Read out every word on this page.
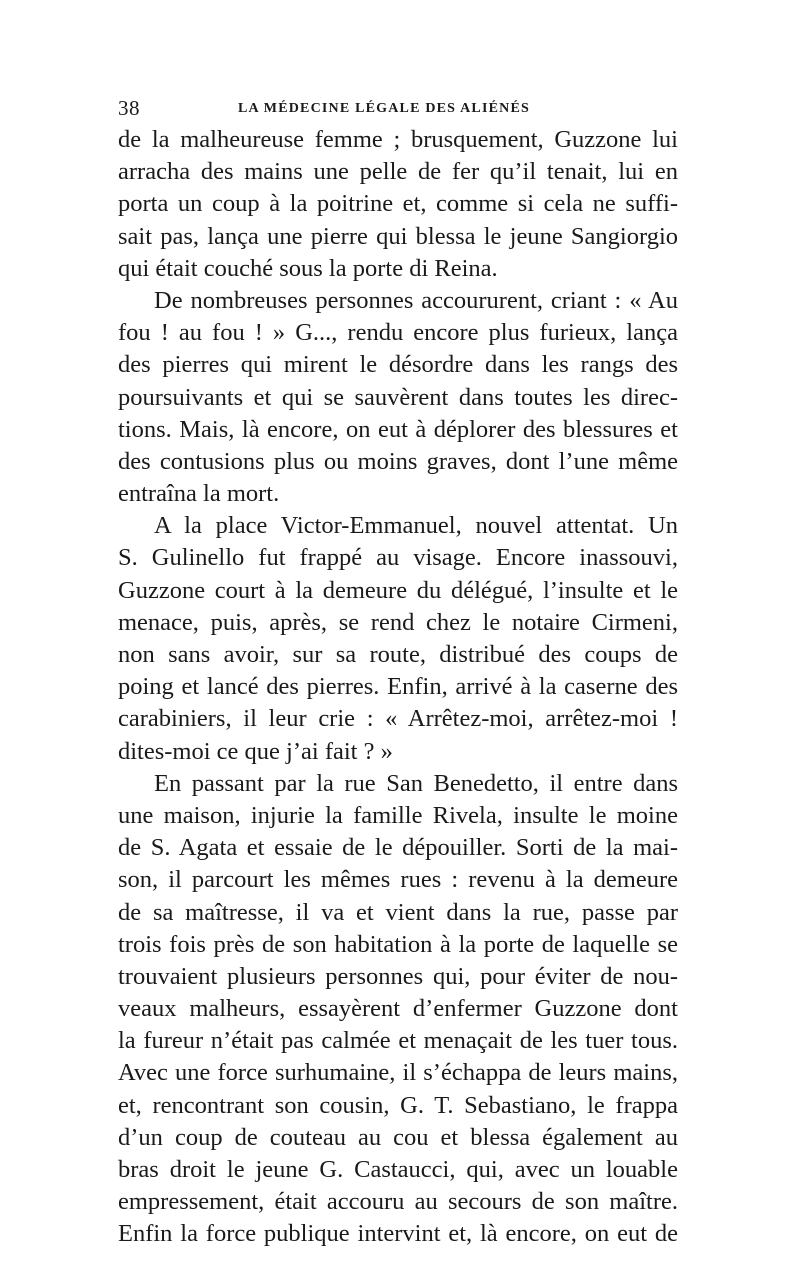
38	LA MÉDECINE LÉGALE DES ALIÉNÉS
de la malheureuse femme ; brusquement, Guzzone lui
arracha des mains une pelle de fer qu’il tenait, lui en
porta un coup à la poitrine et, comme si cela ne suffi-
sait pas, lança une pierre qui blessa le jeune Sangiorgio
qui était couché sous la porte di Reina.
De nombreuses personnes accoururent, criant : « Au
fou ! au fou ! » G..., rendu encore plus furieux, lança
des pierres qui mirent le désordre dans les rangs des
poursuivants et qui se sauvèrent dans toutes les direc-
tions. Mais, là encore, on eut à déplorer des blessures et
des contusions plus ou moins graves, dont l’une même
entraîna la mort.
A la place Victor-Emmanuel, nouvel attentat. Un
S. Gulinello fut frappé au visage. Encore inassouvi,
Guzzone court à la demeure du délégué, l’insulte et le
menace, puis, après, se rend chez le notaire Cirmeni,
non sans avoir, sur sa route, distribué des coups de
poing et lancé des pierres. Enfin, arrivé à la caserne des
carabiniers, il leur crie : « Arrêtez-moi, arrêtez-moi !
dites-moi ce que j’ai fait ? »
En passant par la rue San Benedetto, il entre dans
une maison, injurie la famille Rivela, insulte le moine
de S. Agata et essaie de le dépouiller. Sorti de la mai-
son, il parcourt les mêmes rues : revenu à la demeure
de sa maîtresse, il va et vient dans la rue, passe par
trois fois près de son habitation à la porte de laquelle se
trouvaient plusieurs personnes qui, pour éviter de nou-
veaux malheurs, essayèrent d’enfermer Guzzone dont
la fureur n’était pas calmée et menaçait de les tuer tous.
Avec une force surhumaine, il s’échappa de leurs mains,
et, rencontrant son cousin, G. T. Sebastiano, le frappa
d’un coup de couteau au cou et blessa également au
bras droit le jeune G. Castaucci, qui, avec un louable
empressement, était accouru au secours de son maître.
Enfin la force publique intervint et, là encore, on eut de
